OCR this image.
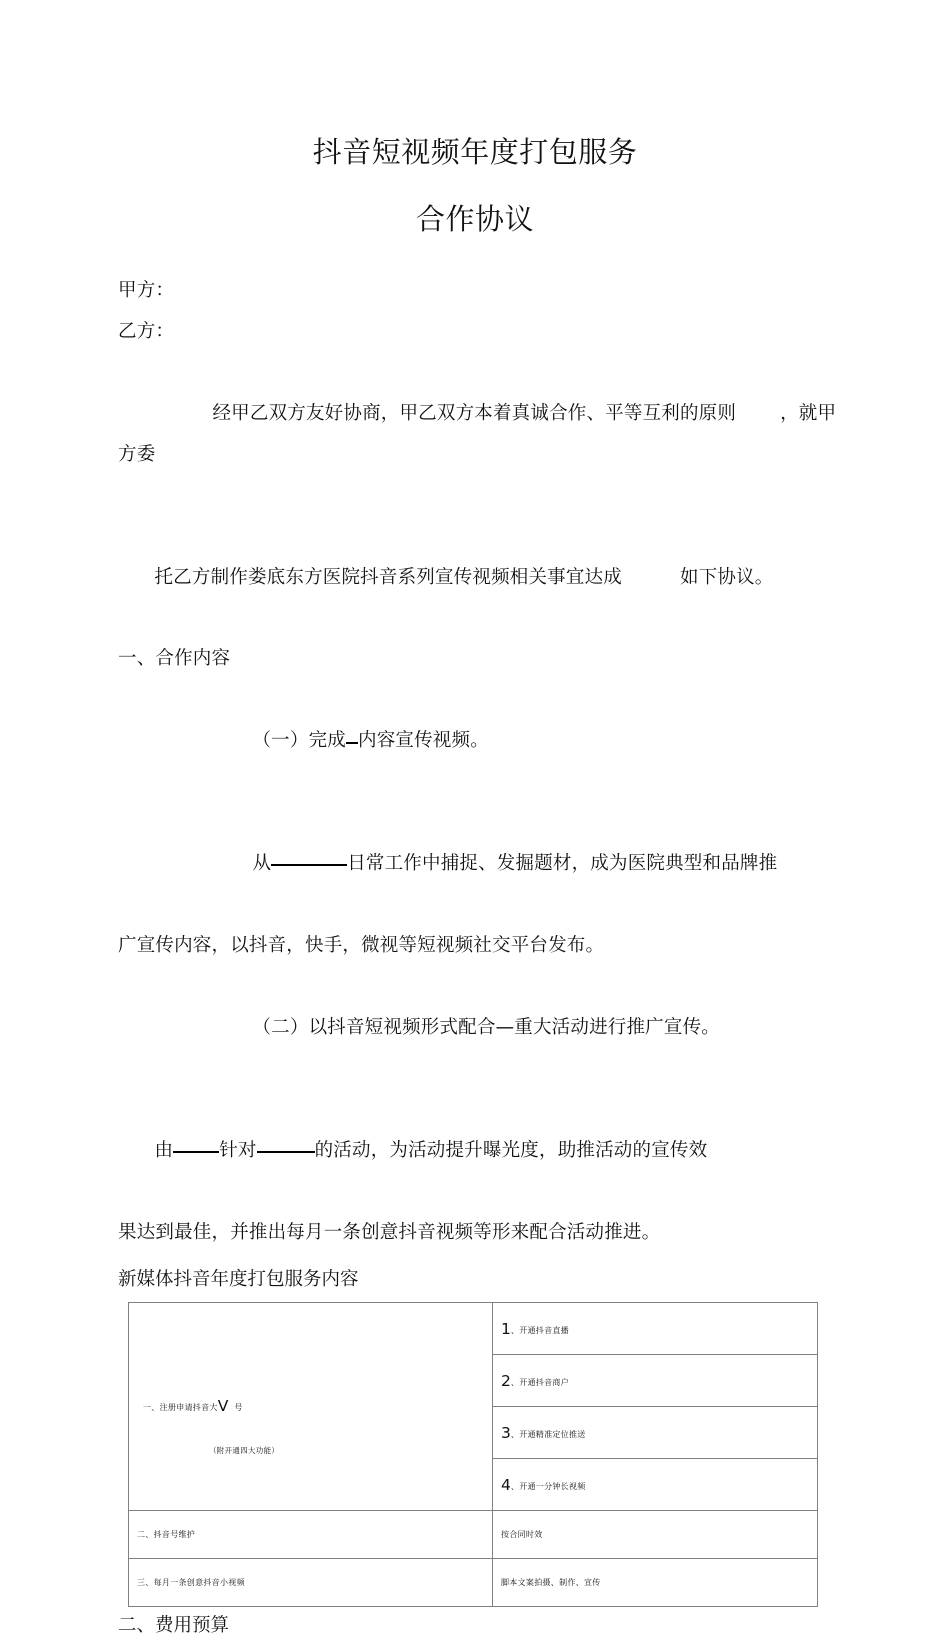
抖音短视频年度打包服务
合作协议
甲方：
乙方：

经甲乙双方友好协商，甲乙双方本着真诚合作、平等互利的原则 ，就甲方委

托乙方制作娄底东方医院抖音系列宣传视频相关事宜达成	如下协议。

一、合作内容

（一）完成 内容宣传视频。

从	日常工作中捕捉、发掘题材，成为医院典型和品牌推

广宣传内容，以抖音，快手，微视等短视频社交平台发布。

（二）以抖音短视频形式配合—重大活动进行推广宣传。

由 针对	的活动，为活动提升曝光度，助推活动的宣传效

果达到最佳，并推出每月一条创意抖音视频等形来配合活动推进。
新媒体抖音年度打包服务内容
一、注册申请抖音大V 号
（附开通四大功能）	1、开通抖音直播
	2、开通抖音商户
	3、开通精准定位推送
	4、开通一分钟长视频
二、抖音号维护	按合同时效
三、每月一条创意抖音小视频	脚本文案拍摄、制作、宣传
二、费用预算
